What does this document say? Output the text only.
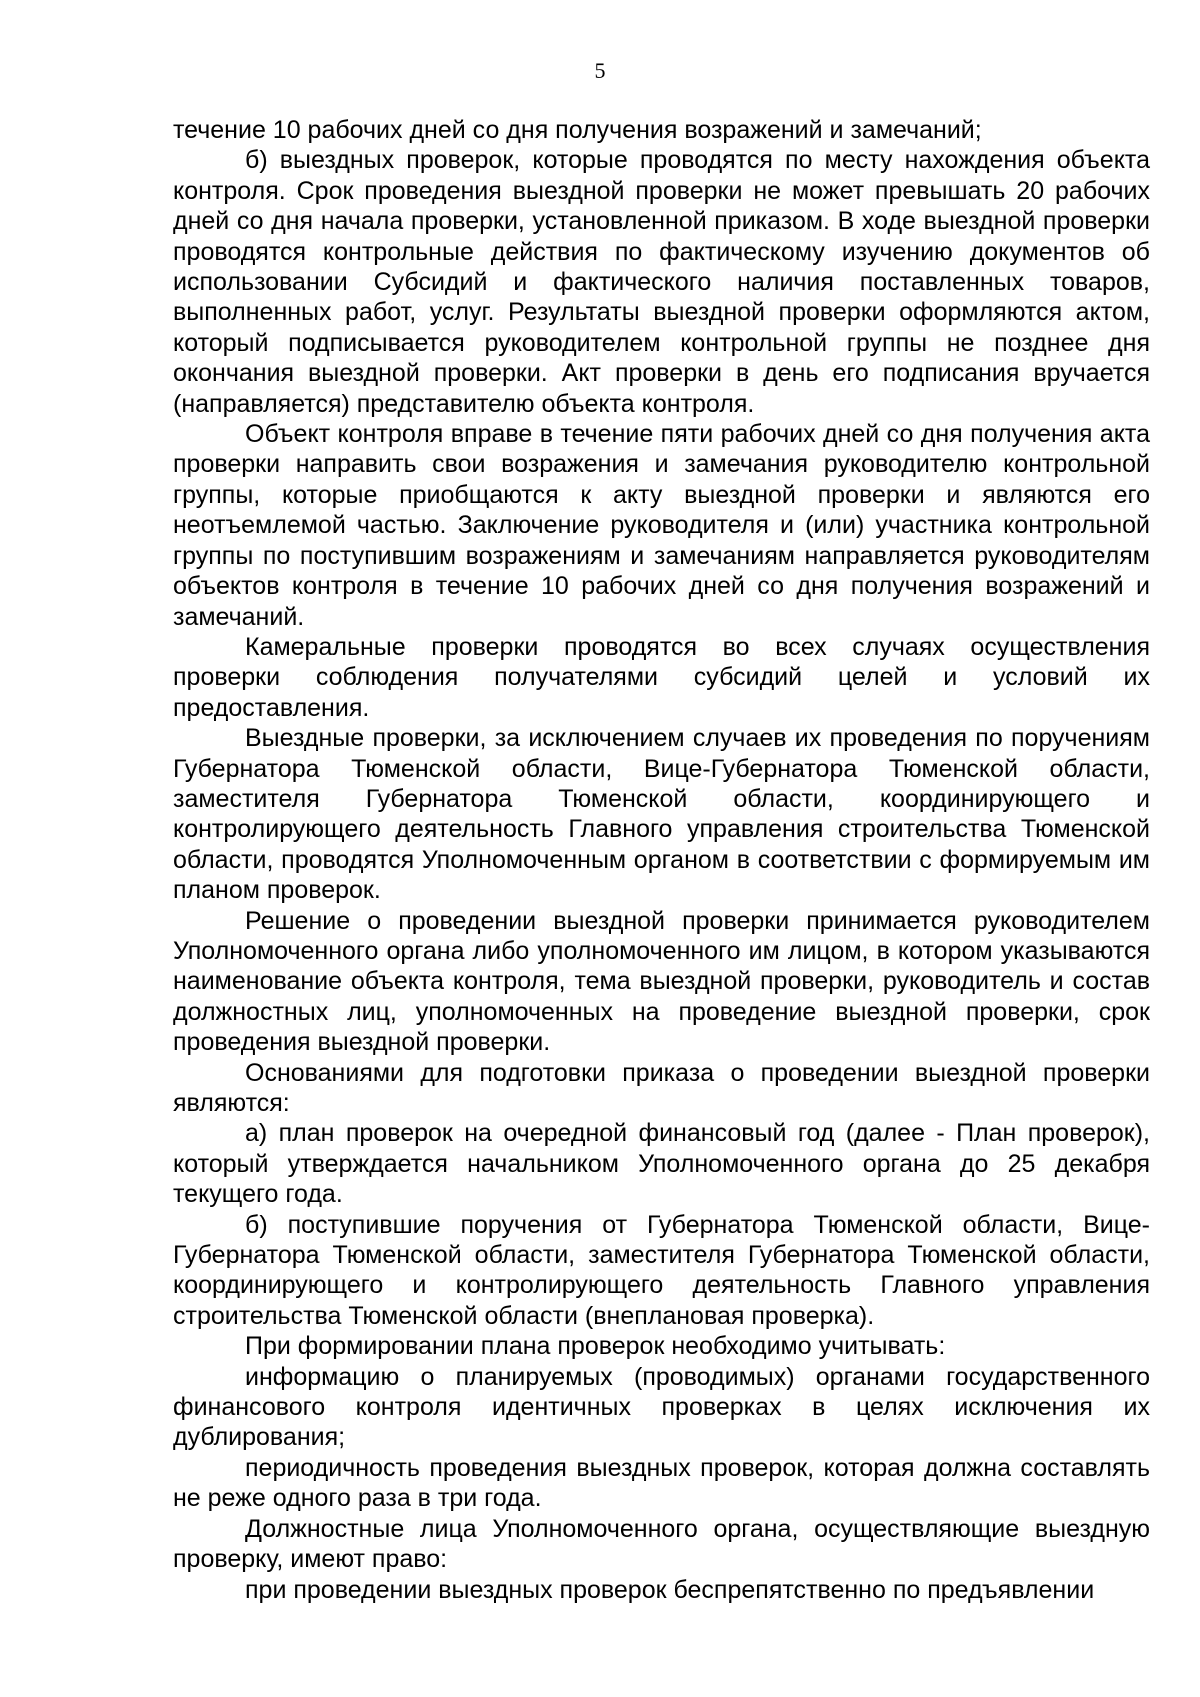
5

течение 10 рабочих дней со дня получения возражений и замечаний;

б) выездных проверок, которые проводятся по месту нахождения объекта контроля. Срок проведения выездной проверки не может превышать 20 рабочих дней со дня начала проверки, установленной приказом. В ходе выездной проверки проводятся контрольные действия по фактическому изучению документов об использовании Субсидий и фактического наличия поставленных товаров, выполненных работ, услуг. Результаты выездной проверки оформляются актом, который подписывается руководителем контрольной группы не позднее дня окончания выездной проверки. Акт проверки в день его подписания вручается (направляется) представителю объекта контроля.

Объект контроля вправе в течение пяти рабочих дней со дня получения акта проверки направить свои возражения и замечания руководителю контрольной группы, которые приобщаются к акту выездной проверки и являются его неотъемлемой частью. Заключение руководителя и (или) участника контрольной группы по поступившим возражениям и замечаниям направляется руководителям объектов контроля в течение 10 рабочих дней со дня получения возражений и замечаний.

Камеральные проверки проводятся во всех случаях осуществления проверки соблюдения получателями субсидий целей и условий их предоставления.

Выездные проверки, за исключением случаев их проведения по поручениям Губернатора Тюменской области, Вице-Губернатора Тюменской области, заместителя Губернатора Тюменской области, координирующего и контролирующего деятельность Главного управления строительства Тюменской области, проводятся Уполномоченным органом в соответствии с формируемым им планом проверок.

Решение о проведении выездной проверки принимается руководителем Уполномоченного органа либо уполномоченного им лицом, в котором указываются наименование объекта контроля, тема выездной проверки, руководитель и состав должностных лиц, уполномоченных на проведение выездной проверки, срок проведения выездной проверки.

Основаниями для подготовки приказа о проведении выездной проверки являются:

а) план проверок на очередной финансовый год (далее - План проверок), который утверждается начальником Уполномоченного органа до 25 декабря текущего года.

б) поступившие поручения от Губернатора Тюменской области, Вице-Губернатора Тюменской области, заместителя Губернатора Тюменской области, координирующего и контролирующего деятельность Главного управления строительства Тюменской области (внеплановая проверка).

При формировании плана проверок необходимо учитывать:

информацию о планируемых (проводимых) органами государственного финансового контроля идентичных проверках в целях исключения их дублирования;

периодичность проведения выездных проверок, которая должна составлять не реже одного раза в три года.

Должностные лица Уполномоченного органа, осуществляющие выездную проверку, имеют право:

при проведении выездных проверок беспрепятственно по предъявлении
